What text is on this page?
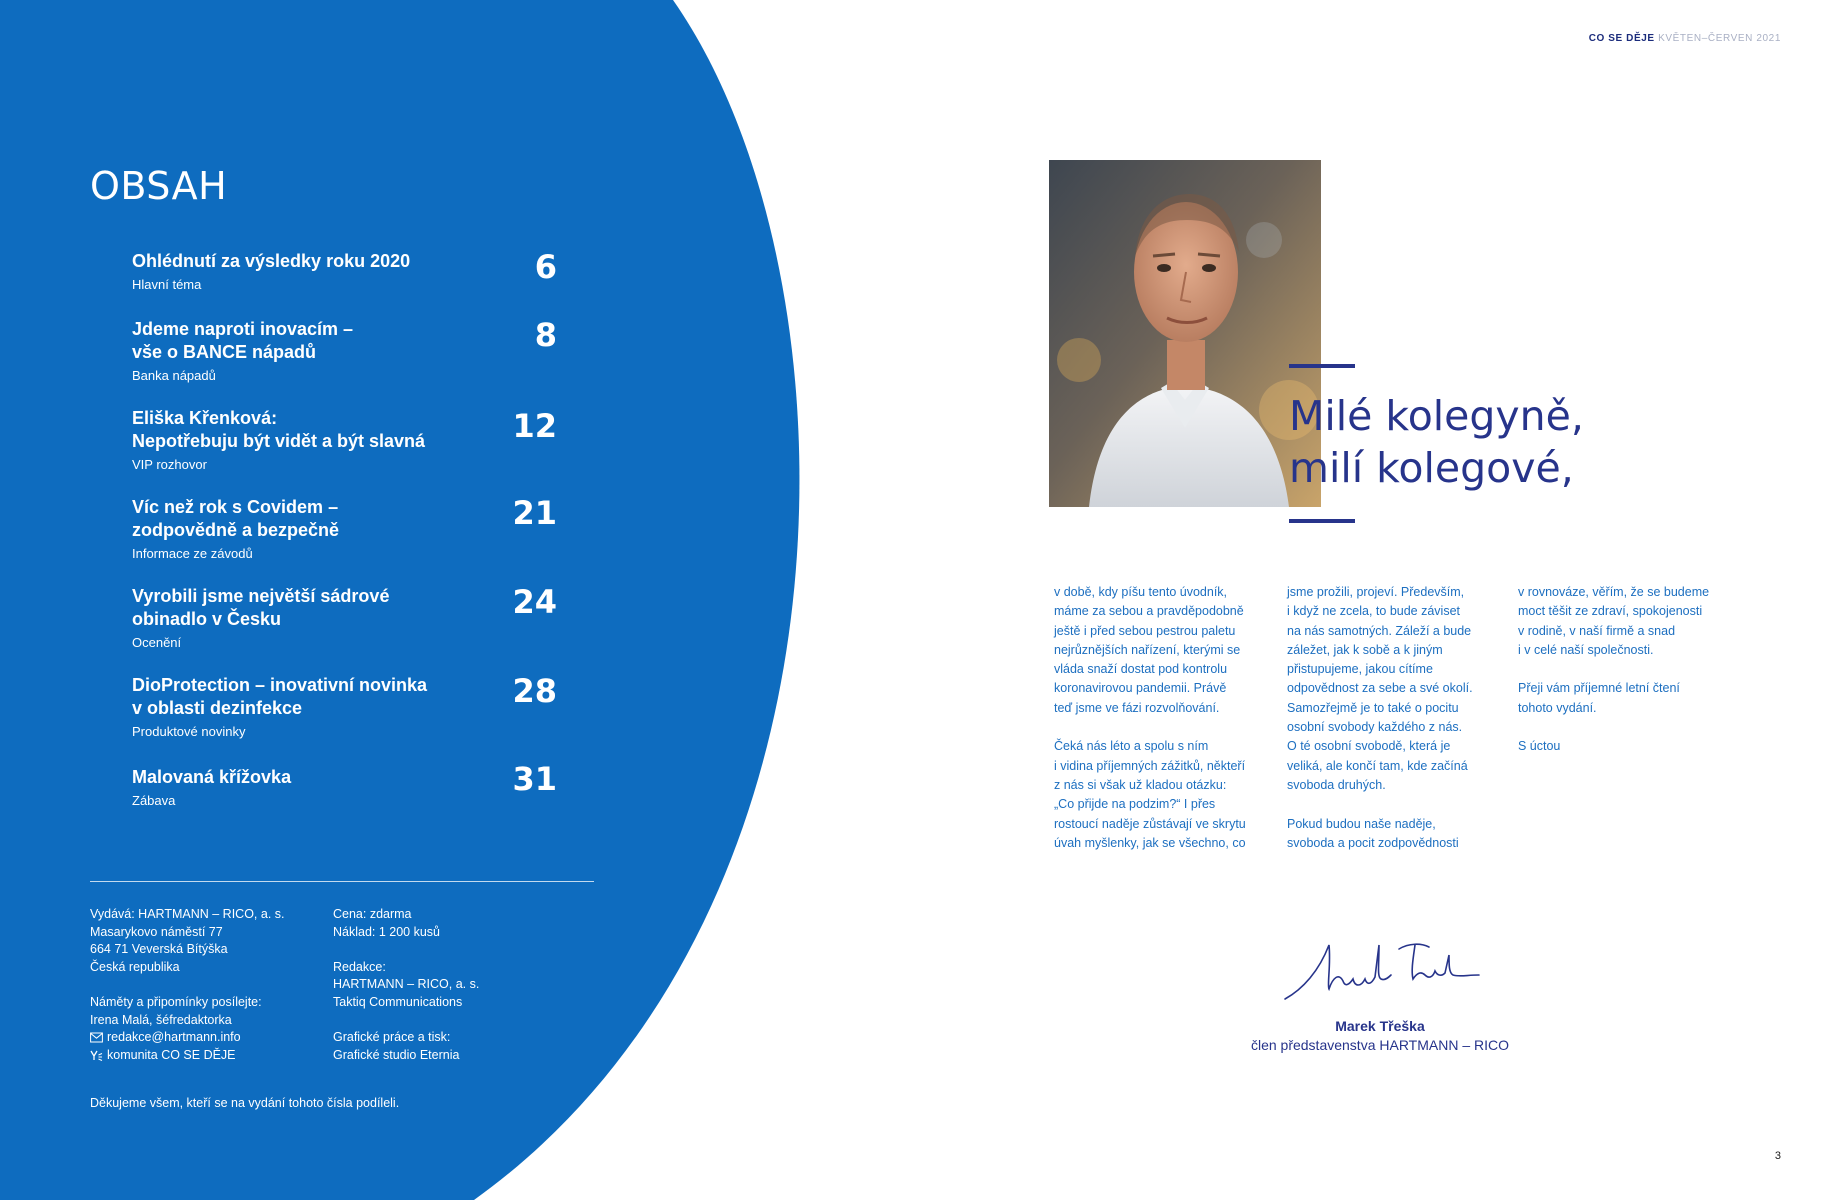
OBSAH
Ohlédnutí za výsledky roku 2020
Hlavní téma	6
Jdeme naproti inovacím –
vše o BANCE nápadů
Banka nápadů
8
Eliška Křenková:
Nepotřebuju být vidět a být slavná
VIP rozhovor
12
Víc než rok s Covidem –
zodpovědně a bezpečně
Informace ze závodů
21
Vyrobili jsme největší sádrové
obinadlo v Česku
Ocenění
24
DioProtection – inovativní novinka
v oblasti dezinfekce
Produktové novinky
28
Malovaná křížovka
Zábava
31
Vydává: HARTMANN – RICO, a. s.
Masarykovo náměstí 77
664 71 Veverská Bítýška
Česká republika
Náměty a připomínky posílejte:
Irena Malá, šéfredaktorka
redakce@hartmann.info
komunita CO SE DĚJE
Cena: zdarma
Náklad: 1 200 kusů
Redakce:
HARTMANN – RICO, a. s.
Taktiq Communications
Grafické práce a tisk:
Grafické studio Eternia
Děkujeme všem, kteří se na vydání tohoto čísla podíleli.
CO SE DĚJE KVĚTEN–ČERVEN 2021
Milé kolegyně,
milí kolegové,

v době, kdy píšu tento úvodník,
máme za sebou a pravděpodobně
ještě i před sebou pestrou paletu
nejrůznějších nařízení, kterými se
vláda snaží dostat pod kontrolu
koronavirovou pandemii. Právě
teď jsme ve fázi rozvolňování.

Čeká nás léto a spolu s ním
i vidina příjemných zážitků, někteří
z nás si však už kladou otázku:
„Co přijde na podzim?“ I přes
rostoucí naděje zůstávají ve skrytu
úvah myšlenky, jak se všechno, co

jsme prožili, projeví. Především,
i když ne zcela, to bude záviset
na nás samotných. Záleží a bude
záležet, jak k sobě a k jiným
přistupujeme, jakou cítíme
odpovědnost za sebe a své okolí.
Samozřejmě je to také o pocitu
osobní svobody každého z nás.
O té osobní svobodě, která je
veliká, ale končí tam, kde začíná
svoboda druhých.

Pokud budou naše naděje,
svoboda a pocit zodpovědnosti

v rovnováze, věřím, že se budeme
moct těšit ze zdraví, spokojenosti
v rodině, v naší firmě a snad
i v celé naší společnosti.

Přeji vám příjemné letní čtení
tohoto vydání.

S úctou

Marek Třeška
člen představenstva HARTMANN – RICO
3
